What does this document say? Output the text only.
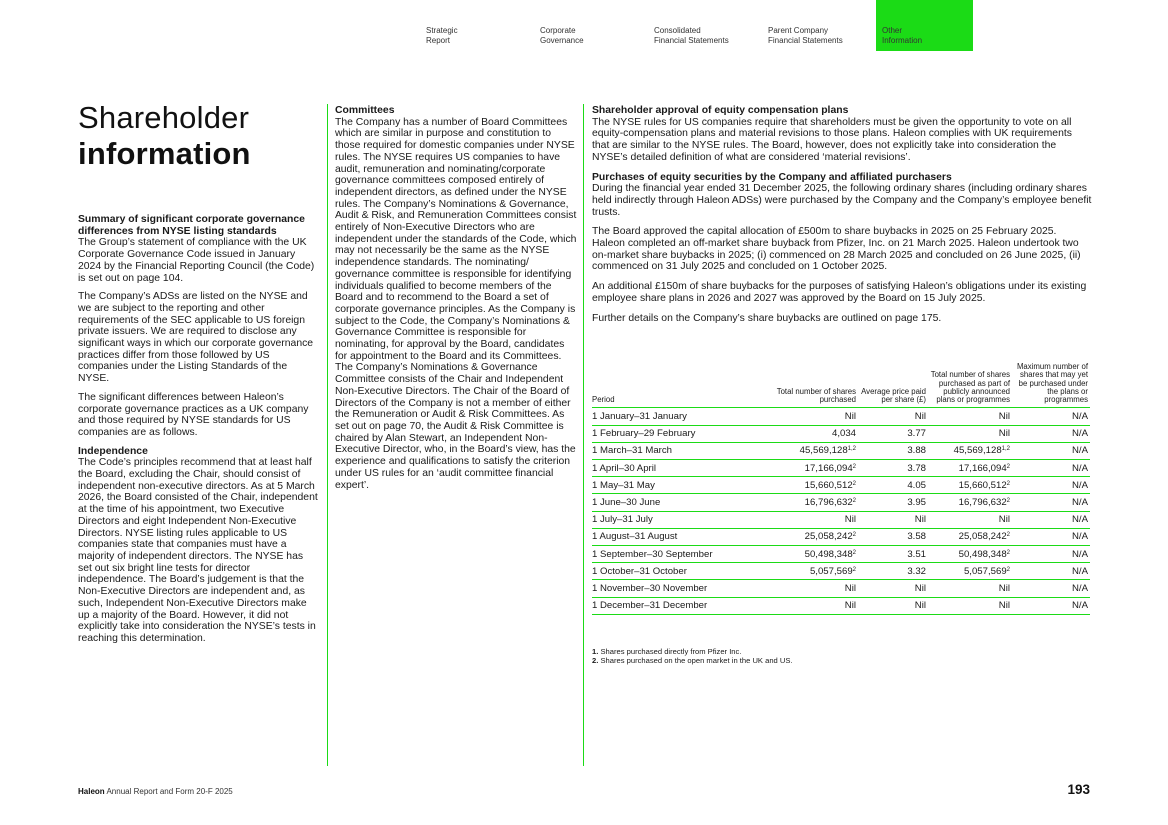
Strategic
Report
Corporate
Governance
Consolidated
Financial Statements
Parent Company
Financial Statements
Other
Information
Shareholder
information
Summary of significant corporate governance differences from NYSE listing standards

The Group’s statement of compliance with the UK Corporate Governance Code issued in January 2024 by the Financial Reporting Council (the Code) is set out on page 104.

The Company’s ADSs are listed on the NYSE and we are subject to the reporting and other requirements of the SEC applicable to US foreign private issuers. We are required to disclose any significant ways in which our corporate governance practices differ from those followed by US companies under the Listing Standards of the NYSE.

The significant differences between Haleon’s corporate governance practices as a UK company and those required by NYSE standards for US companies are as follows.

Independence

The Code’s principles recommend that at least half the Board, excluding the Chair, should consist of independent non-executive directors. As at 5 March 2026, the Board consisted of the Chair, independent at the time of his appointment, two Executive Directors and eight Independent Non-Executive Directors. NYSE listing rules applicable to US companies state that companies must have a majority of independent directors. The NYSE has set out six bright line tests for director independence. The Board’s judgement is that the Non-Executive Directors are independent and, as such, Independent Non-Executive Directors make up a majority of the Board. However, it did not explicitly take into consideration the NYSE’s tests in reaching this determination.

Committees

The Company has a number of Board Committees which are similar in purpose and constitution to those required for domestic companies under NYSE rules. The NYSE requires US companies to have audit, remuneration and nominating/corporate governance committees composed entirely of independent directors, as defined under the NYSE rules. The Company’s Nominations & Governance, Audit & Risk, and Remuneration Committees consist entirely of Non-Executive Directors who are independent under the standards of the Code, which may not necessarily be the same as the NYSE independence standards. The nominating/ governance committee is responsible for identifying individuals qualified to become members of the Board and to recommend to the Board a set of corporate governance principles. As the Company is subject to the Code, the Company’s Nominations & Governance Committee is responsible for nominating, for approval by the Board, candidates for appointment to the Board and its Committees. The Company’s Nominations & Governance Committee consists of the Chair and Independent Non-Executive Directors. The Chair of the Board of Directors of the Company is not a member of either the Remuneration or Audit & Risk Committees. As set out on page 70, the Audit & Risk Committee is chaired by Alan Stewart, an Independent Non-Executive Director, who, in the Board’s view, has the experience and qualifications to satisfy the criterion under US rules for an ‘audit committee financial expert’.

Shareholder approval of equity compensation plans

The NYSE rules for US companies require that shareholders must be given the opportunity to vote on all equity-compensation plans and material revisions to those plans. Haleon complies with UK requirements that are similar to the NYSE rules. The Board, however, does not explicitly take into consideration the NYSE’s detailed definition of what are considered ‘material revisions’.

Purchases of equity securities by the Company and affiliated purchasers

During the financial year ended 31 December 2025, the following ordinary shares (including ordinary shares held indirectly through Haleon ADSs) were purchased by the Company and the Company’s employee benefit trusts.

The Board approved the capital allocation of £500m to share buybacks in 2025 on 25 February 2025. Haleon completed an off-market share buyback from Pfizer, Inc. on 21 March 2025. Haleon undertook two on-market share buybacks in 2025; (i) commenced on 28 March 2025 and concluded on 26 June 2025, (ii) commenced on 31 July 2025 and concluded on 1 October 2025.

An additional £150m of share buybacks for the purposes of satisfying Haleon’s obligations under its existing employee share plans in 2026 and 2027 was approved by the Board on 15 July 2025.

Further details on the Company’s share buybacks are outlined on page 175.

Period	Total number of shares purchased	Average price paid per share (£)	Total number of shares purchased as part of publicly announced plans or programmes	Maximum number of shares that may yet be purchased under the plans or programmes
1 January–31 January	Nil	Nil	Nil	N/A
1 February–29 February	4,034	3.77	Nil	N/A
1 March–31 March	45,569,128$^{1,2}$	3.88	45,569,128$^{1,2}$	N/A
1 April–30 April	17,166,094$^2$	3.78	17,166,094$^2$	N/A
1 May–31 May	15,660,512$^2$	4.05	15,660,512$^2$	N/A
1 June–30 June	16,796,632$^2$	3.95	16,796,632$^2$	N/A
1 July–31 July	Nil	Nil	Nil	N/A
1 August–31 August	25,058,242$^2$	3.58	25,058,242$^2$	N/A
1 September–30 September	50,498,348$^2$	3.51	50,498,348$^2$	N/A
1 October–31 October	5,057,569$^2$	3.32	5,057,569$^2$	N/A
1 November–30 November	Nil	Nil	Nil	N/A
1 December–31 December	Nil	Nil	Nil	N/A
1. Shares purchased directly from Pfizer Inc.
2. Shares purchased on the open market in the UK and US.
Haleon Annual Report and Form 20-F 2025	193
